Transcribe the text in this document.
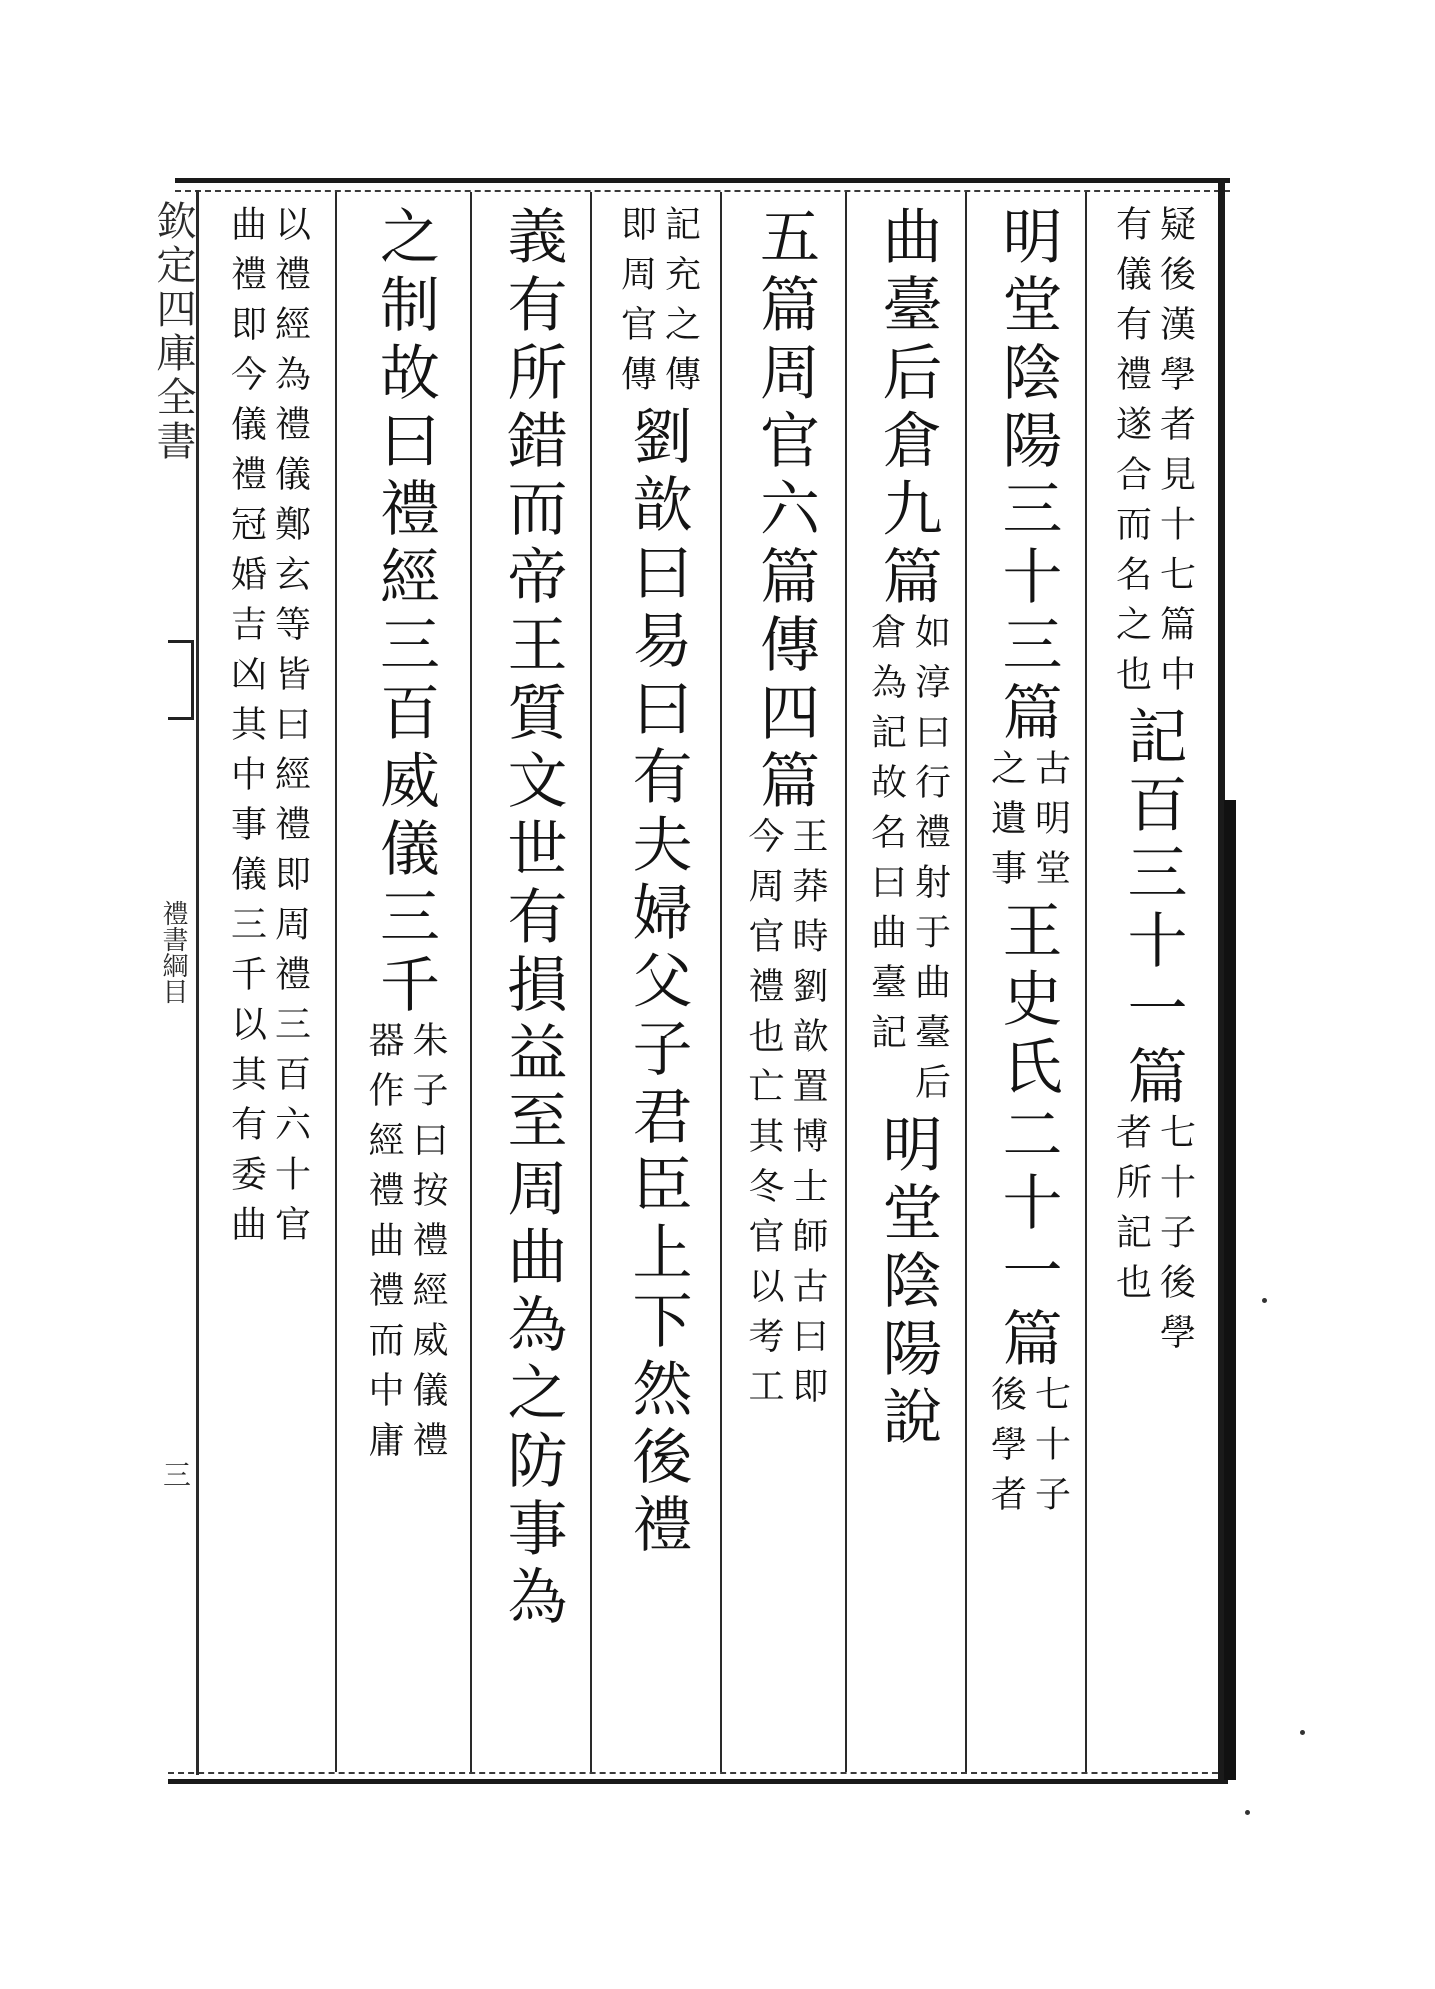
欽定四庫全書
禮書綱目
三
疑後漢學者見十七篇中
有儀有禮遂合而名之也
記百三十一篇
七十子後學
者所記也
明堂陰陽三十三篇
古明堂
之遺事
王史氏二十一篇
七十子
後學者
曲臺后倉九篇
如淳曰行禮射于曲臺后
倉為記故名曰曲臺記
明堂陰陽說
五篇周官六篇傳四篇
王莽時劉歆置博士師古曰即
今周官禮也亡其冬官以考工
記充之傳
即周官傳
劉歆曰易曰有夫婦父子君臣上下然後禮
義有所錯而帝王質文世有損益至周曲為之防事為
之制故曰禮經三百威儀三千
朱子曰按禮經威儀禮
器作經禮曲禮而中庸
以禮經為禮儀鄭玄等皆曰經禮即周禮三百六十官
曲禮即今儀禮冠婚吉凶其中事儀三千以其有委曲
